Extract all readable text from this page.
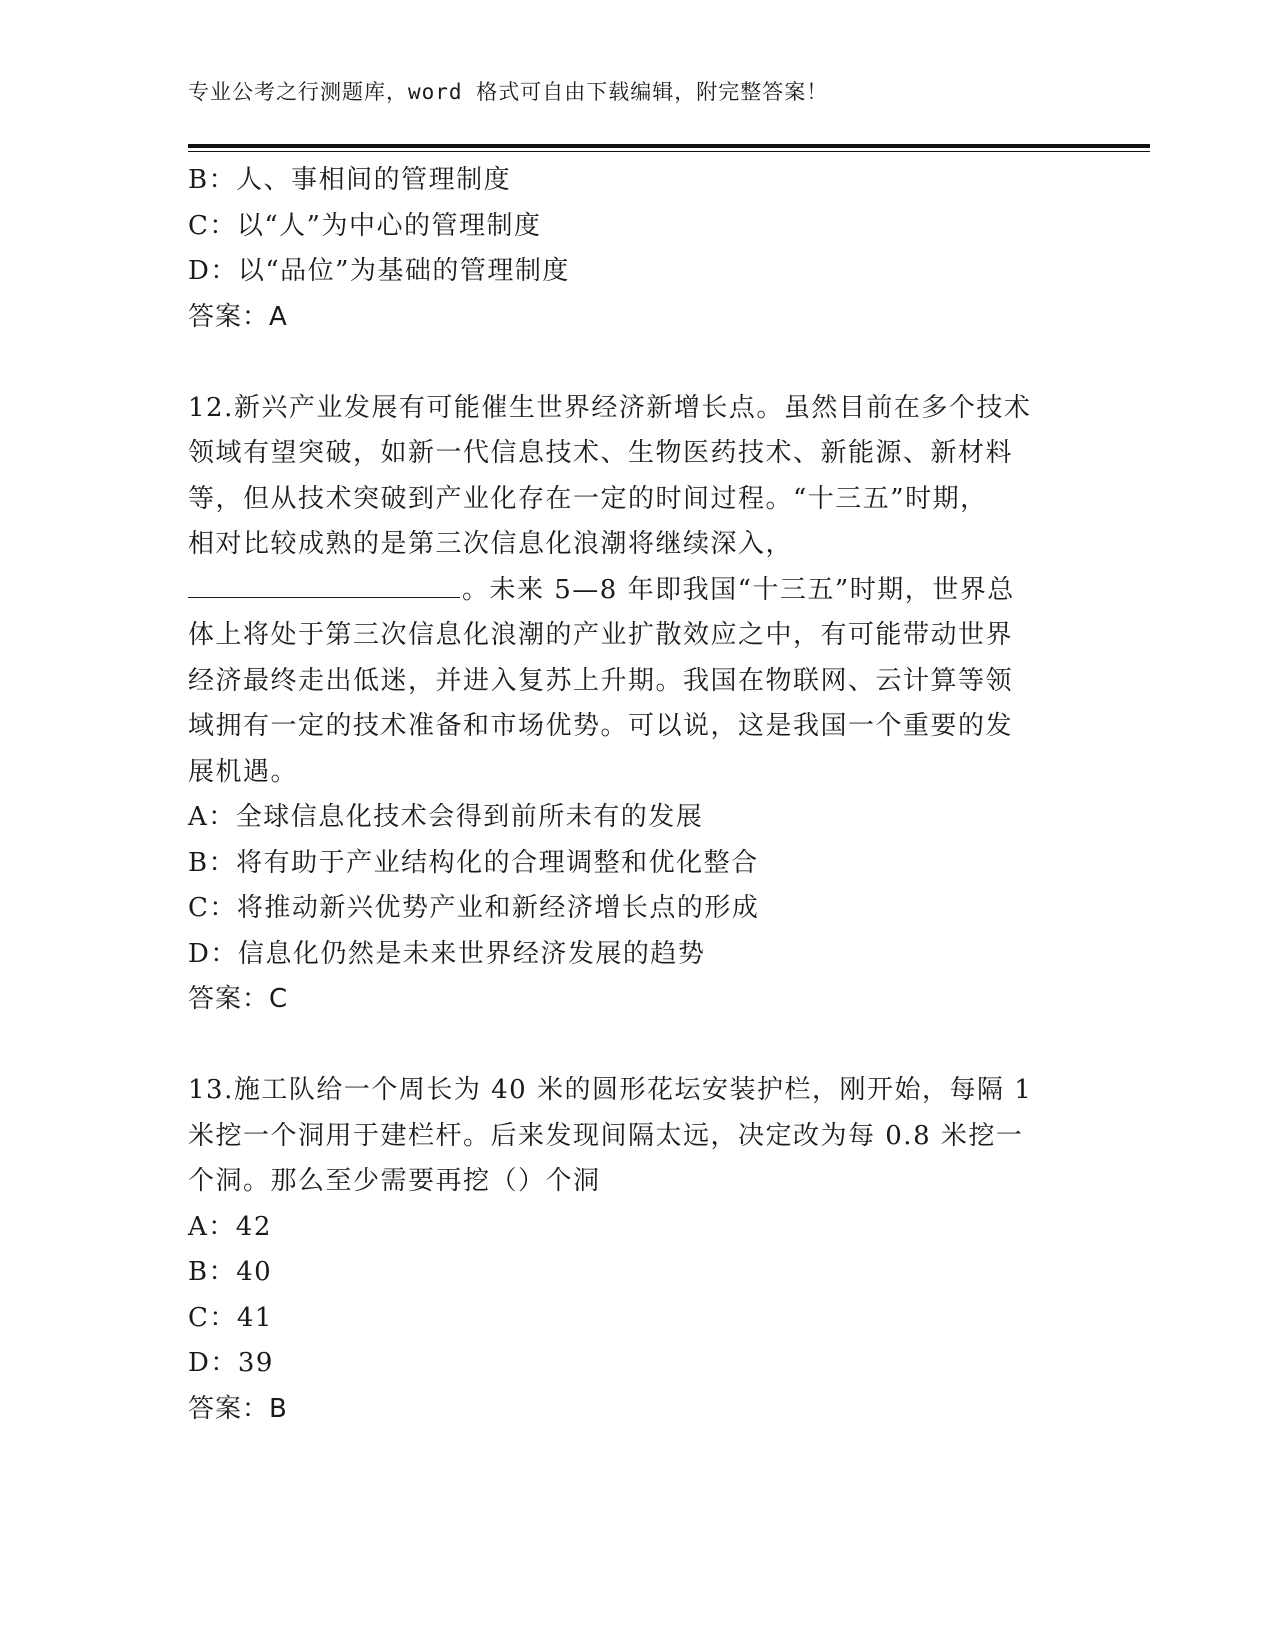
专业公考之行测题库，word 格式可自由下载编辑，附完整答案！
B：人、事相间的管理制度
C：以“人”为中心的管理制度
D：以“品位”为基础的管理制度
答案：A
12.新兴产业发展有可能催生世界经济新增长点。虽然目前在多个技术
领域有望突破，如新一代信息技术、生物医药技术、新能源、新材料
等，但从技术突破到产业化存在一定的时间过程。“十三五”时期，
相对比较成熟的是第三次信息化浪潮将继续深入，
。未来 5—8 年即我国“十三五”时期，世界总
体上将处于第三次信息化浪潮的产业扩散效应之中，有可能带动世界
经济最终走出低迷，并进入复苏上升期。我国在物联网、云计算等领
域拥有一定的技术准备和市场优势。可以说，这是我国一个重要的发
展机遇。
A：全球信息化技术会得到前所未有的发展
B：将有助于产业结构化的合理调整和优化整合
C：将推动新兴优势产业和新经济增长点的形成
D：信息化仍然是未来世界经济发展的趋势
答案：C
13.施工队给一个周长为 40 米的圆形花坛安装护栏，刚开始，每隔 1
米挖一个洞用于建栏杆。后来发现间隔太远，决定改为每 0.8 米挖一
个洞。那么至少需要再挖（）个洞
A：42
B：40
C：41
D：39
答案：B
